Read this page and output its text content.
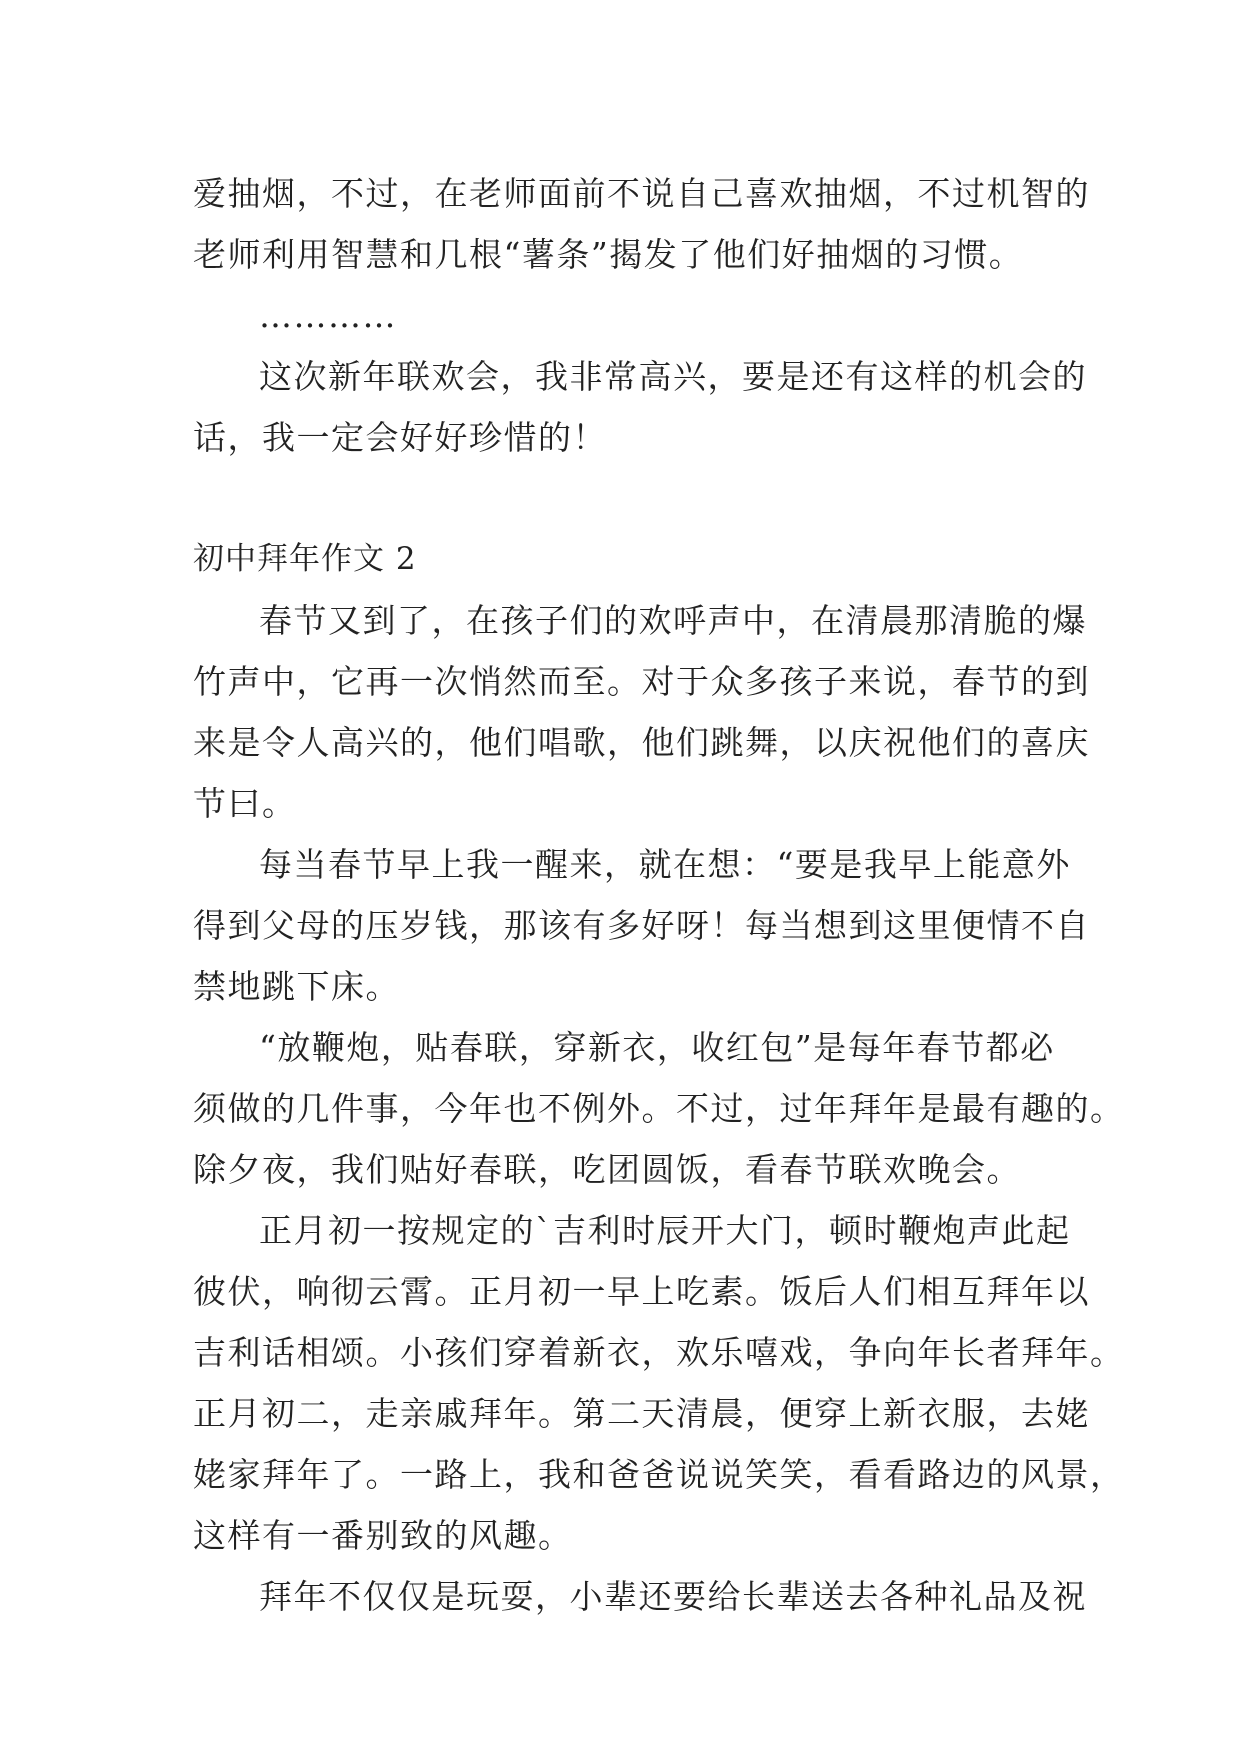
爱抽烟，不过，在老师面前不说自己喜欢抽烟，不过机智的
老师利用智慧和几根“薯条”揭发了他们好抽烟的习惯。
…………
这次新年联欢会，我非常高兴，要是还有这样的机会的
话，我一定会好好珍惜的！
初中拜年作文 2
春节又到了，在孩子们的欢呼声中，在清晨那清脆的爆
竹声中，它再一次悄然而至。对于众多孩子来说，春节的到
来是令人高兴的，他们唱歌，他们跳舞，以庆祝他们的喜庆
节曰。
每当春节早上我一醒来，就在想：“要是我早上能意外
得到父母的压岁钱，那该有多好呀！每当想到这里便情不自
禁地跳下床。
“放鞭炮，贴春联，穿新衣，收红包”是每年春节都必
须做的几件事，今年也不例外。不过，过年拜年是最有趣的。
除夕夜，我们贴好春联，吃团圆饭，看春节联欢晚会。
正月初一按规定的`吉利时辰开大门，顿时鞭炮声此起
彼伏，响彻云霄。正月初一早上吃素。饭后人们相互拜年以
吉利话相颂。小孩们穿着新衣，欢乐嘻戏，争向年长者拜年。
正月初二，走亲戚拜年。第二天清晨，便穿上新衣服，去姥
姥家拜年了。一路上，我和爸爸说说笑笑，看看路边的风景，
这样有一番别致的风趣。
拜年不仅仅是玩耍，小辈还要给长辈送去各种礼品及祝
